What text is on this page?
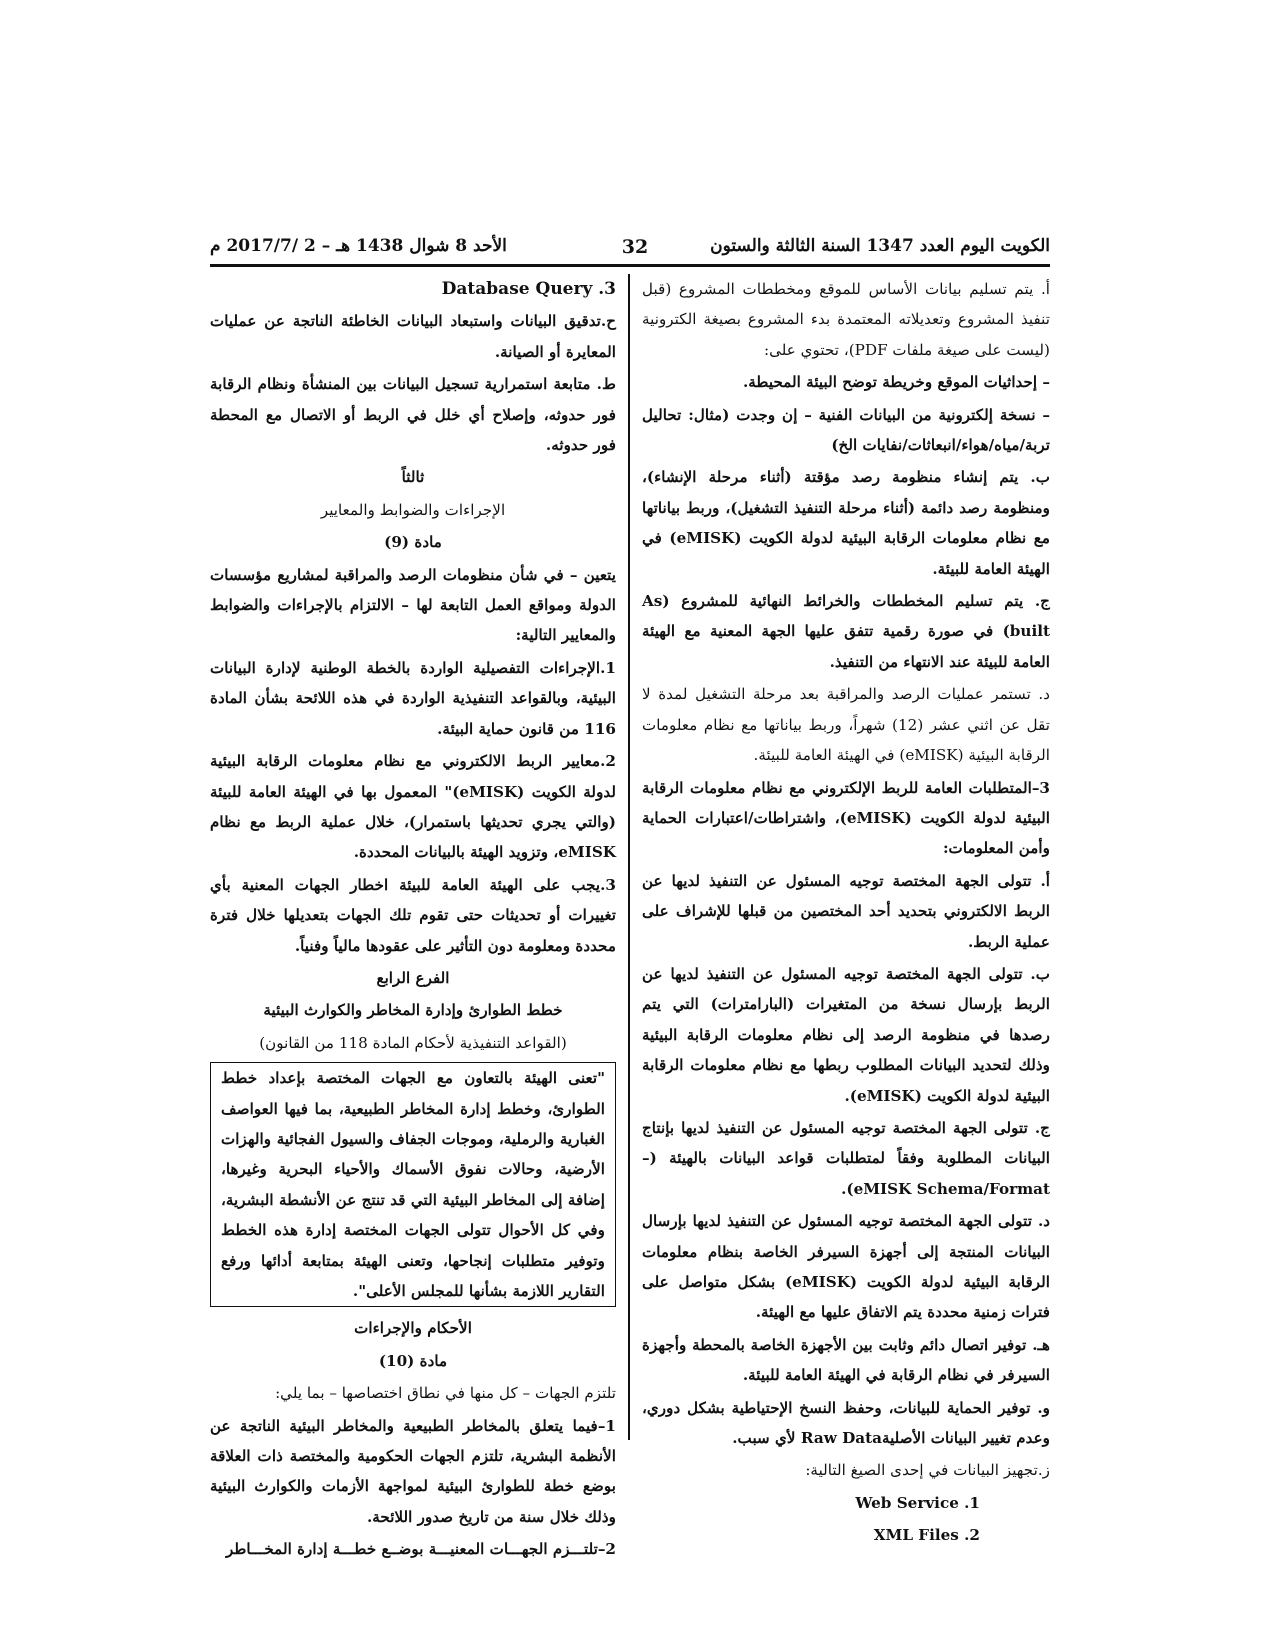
الكويت اليوم العدد 1347 السنة الثالثة والستون
32
الأحد 8 شوال 1438 هـ – 2 /2017/7 م

أ. يتم تسليم بيانات الأساس للموقع ومخططات المشروع (قبل تنفيذ المشروع وتعديلاته المعتمدة بدء المشروع بصيغة الكترونية (ليست على صيغة ملفات PDF)، تحتوي على:

– إحداثيات الموقع وخريطة توضح البيئة المحيطة.

– نسخة إلكترونية من البيانات الفنية – إن وجدت (مثال: تحاليل تربة/مياه/هواء/انبعاثات/نفايات الخ)

ب. يتم إنشاء منظومة رصد مؤقتة (أثناء مرحلة الإنشاء)، ومنظومة رصد دائمة (أثناء مرحلة التنفيذ التشغيل)، وربط بياناتها مع نظام معلومات الرقابة البيئية لدولة الكويت (eMISK) في الهيئة العامة للبيئة.

ج. يتم تسليم المخططات والخرائط النهائية للمشروع (As built) في صورة رقمية تتفق عليها الجهة المعنية مع الهيئة العامة للبيئة عند الانتهاء من التنفيذ.

د. تستمر عمليات الرصد والمراقبة بعد مرحلة التشغيل لمدة لا تقل عن اثني عشر (12) شهراً، وربط بياناتها مع نظام معلومات الرقابة البيئية (eMISK) في الهيئة العامة للبيئة.

3–المتطلبات العامة للربط الإلكتروني مع نظام معلومات الرقابة البيئية لدولة الكويت (eMISK)، واشتراطات/اعتبارات الحماية وأمن المعلومات:

أ. تتولى الجهة المختصة توجيه المسئول عن التنفيذ لديها عن الربط الالكتروني بتحديد أحد المختصين من قبلها للإشراف على عملية الربط.

ب. تتولى الجهة المختصة توجيه المسئول عن التنفيذ لديها عن الربط بإرسال نسخة من المتغيرات (البارامترات) التي يتم رصدها في منظومة الرصد إلى نظام معلومات الرقابة البيئية وذلك لتحديد البيانات المطلوب ربطها مع نظام معلومات الرقابة البيئية لدولة الكويت (eMISK).

ج. تتولى الجهة المختصة توجيه المسئول عن التنفيذ لديها بإنتاج البيانات المطلوبة وفقاً لمتطلبات قواعد البيانات بالهيئة (–eMISK Schema/Format).

د. تتولى الجهة المختصة توجيه المسئول عن التنفيذ لديها بإرسال البيانات المنتجة إلى أجهزة السيرفر الخاصة بنظام معلومات الرقابة البيئية لدولة الكويت (eMISK) بشكل متواصل على فترات زمنية محددة يتم الاتفاق عليها مع الهيئة.

هـ. توفير اتصال دائم وثابت بين الأجهزة الخاصة بالمحطة وأجهزة السيرفر في نظام الرقابة في الهيئة العامة للبيئة.

و. توفير الحماية للبيانات، وحفظ النسخ الإحتياطية بشكل دوري، وعدم تغيير البيانات الأصليةRaw Data لأي سبب.

ز.تجهيز البيانات في إحدى الصيغ التالية:

Web Service .1

XML Files .2

Database Query .3

ح.تدقيق البيانات واستبعاد البيانات الخاطئة الناتجة عن عمليات المعايرة أو الصيانة.

ط. متابعة استمرارية تسجيل البيانات بين المنشأة ونظام الرقابة فور حدوثه، وإصلاح أي خلل في الربط أو الاتصال مع المحطة فور حدوثه.

ثالثاً

الإجراءات والضوابط والمعايير

مادة (9)

يتعين – في شأن منظومات الرصد والمراقبة لمشاريع مؤسسات الدولة ومواقع العمل التابعة لها – الالتزام بالإجراءات والضوابط والمعايير التالية:

1.الإجراءات التفصيلية الواردة بالخطة الوطنية لإدارة البيانات البيئية، وبالقواعد التنفيذية الواردة في هذه اللائحة بشأن المادة 116 من قانون حماية البيئة.

2.معايير الربط الالكتروني مع نظام معلومات الرقابة البيئية لدولة الكويت (eMISK)" المعمول بها في الهيئة العامة للبيئة (والتي يجري تحديثها باستمرار)، خلال عملية الربط مع نظام eMISK، وتزويد الهيئة بالبيانات المحددة.

3.يجب على الهيئة العامة للبيئة اخطار الجهات المعنية بأي تغييرات أو تحديثات حتى تقوم تلك الجهات بتعديلها خلال فترة محددة ومعلومة دون التأثير على عقودها مالياً وفنياً.

الفرع الرابع

خطط الطوارئ وإدارة المخاطر والكوارث البيئية

(القواعد التنفيذية لأحكام المادة 118 من القانون)

"تعنى الهيئة بالتعاون مع الجهات المختصة بإعداد خطط الطوارئ، وخطط إدارة المخاطر الطبيعية، بما فيها العواصف الغبارية والرملية، وموجات الجفاف والسيول الفجائية والهزات الأرضية، وحالات نفوق الأسماك والأحياء البحرية وغيرها، إضافة إلى المخاطر البيئية التي قد تنتج عن الأنشطة البشرية، وفي كل الأحوال تتولى الجهات المختصة إدارة هذه الخطط وتوفير متطلبات إنجاحها، وتعنى الهيئة بمتابعة أدائها ورفع التقارير اللازمة بشأنها للمجلس الأعلى".

الأحكام والإجراءات

مادة (10)

تلتزم الجهات – كل منها في نطاق اختصاصها – بما يلي:

1–فيما يتعلق بالمخاطر الطبيعية والمخاطر البيئية الناتجة عن الأنظمة البشرية، تلتزم الجهات الحكومية والمختصة ذات العلاقة بوضع خطة للطوارئ البيئية لمواجهة الأزمات والكوارث البيئية وذلك خلال سنة من تاريخ صدور اللائحة.

2–تلتـــزم الجهـــات المعنيـــة بوضــع خطـــة إدارة المخـــاطر
